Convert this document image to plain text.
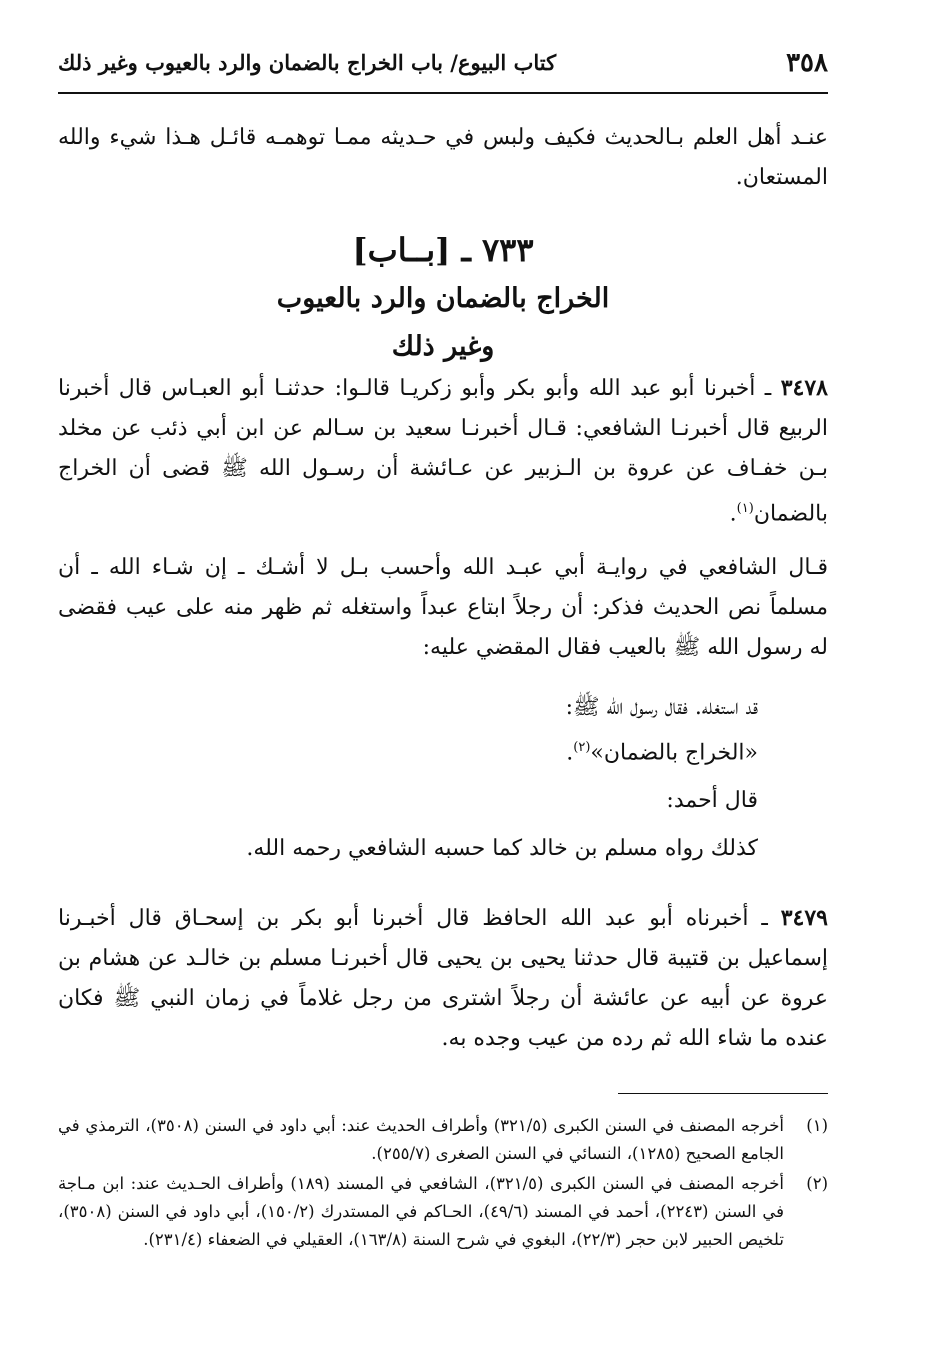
٣٥٨
كتاب البيوع/ باب الخراج بالضمان والرد بالعيوب وغير ذلك
عنـد أهل العلم بـالحديث فكيف ولبس في حـديثه ممـا توهمـه قائـل هـذا شيء والله المستعان.
٧٣٣ ـ [بــاب]
الخراج بالضمان والرد بالعيوب
وغير ذلك
٣٤٧٨ ـ أخبرنا أبو عبد الله وأبو بكر وأبو زكريـا قالـوا: حدثنـا أبو العبـاس قال أخبرنا الربيع قال أخبرنـا الشافعي: قـال أخبرنـا سعيد بن سـالم عن ابن أبي ذئب عن مخلد بـن خفـاف عن عروة بن الـزبير عن عـائشة أن رسـول الله ﷺ قضى أن الخراج بالضمان$^{(١)}$.
قـال الشافعي في روايـة أبي عبـد الله وأحسب بـل لا أشـك ـ إن شـاء الله ـ أن مسلماً نص الحديث فذكر: أن رجلاً ابتاع عبداً واستغله ثم ظهر منه على عيب فقضى له رسول الله ﷺ بالعيب فقال المقضي عليه:
قد استغله. فقال رسول الله ﷺ:
«الخراج بالضمان»$^{(٢)}$.
قال أحمد:
كذلك رواه مسلم بن خالد كما حسبه الشافعي رحمه الله.
٣٤٧٩ ـ أخبرناه أبو عبد الله الحافظ قال أخبرنا أبو بكر بن إسحـاق قال أخبـرنا إسماعيل بن قتيبة قال حدثنا يحيى بن يحيى قال أخبرنـا مسلم بن خالـد عن هشام بن عروة عن أبيه عن عائشة أن رجلاً اشترى من رجل غلاماً في زمان النبي ﷺ فكان عنده ما شاء الله ثم رده من عيب وجده به.
(١)
أخرجه المصنف في السنن الكبرى (٣٢١/٥) وأطراف الحديث عند: أبي داود في السنن (٣٥٠٨)، الترمذي في الجامع الصحيح (١٢٨٥)، النسائي في السنن الصغرى (٢٥٥/٧).
(٢)
أخرجه المصنف في السنن الكبرى (٣٢١/٥)، الشافعي في المسند (١٨٩) وأطراف الحـديث عند: ابن مـاجة في السنن (٢٢٤٣)، أحمد في المسند (٤٩/٦)، الحـاكم في المستدرك (١٥٠/٢)، أبي داود في السنن (٣٥٠٨)، تلخيص الحبير لابن حجر (٢٢/٣)، البغوي في شرح السنة (١٦٣/٨)، العقيلي في الضعفاء (٢٣١/٤).
